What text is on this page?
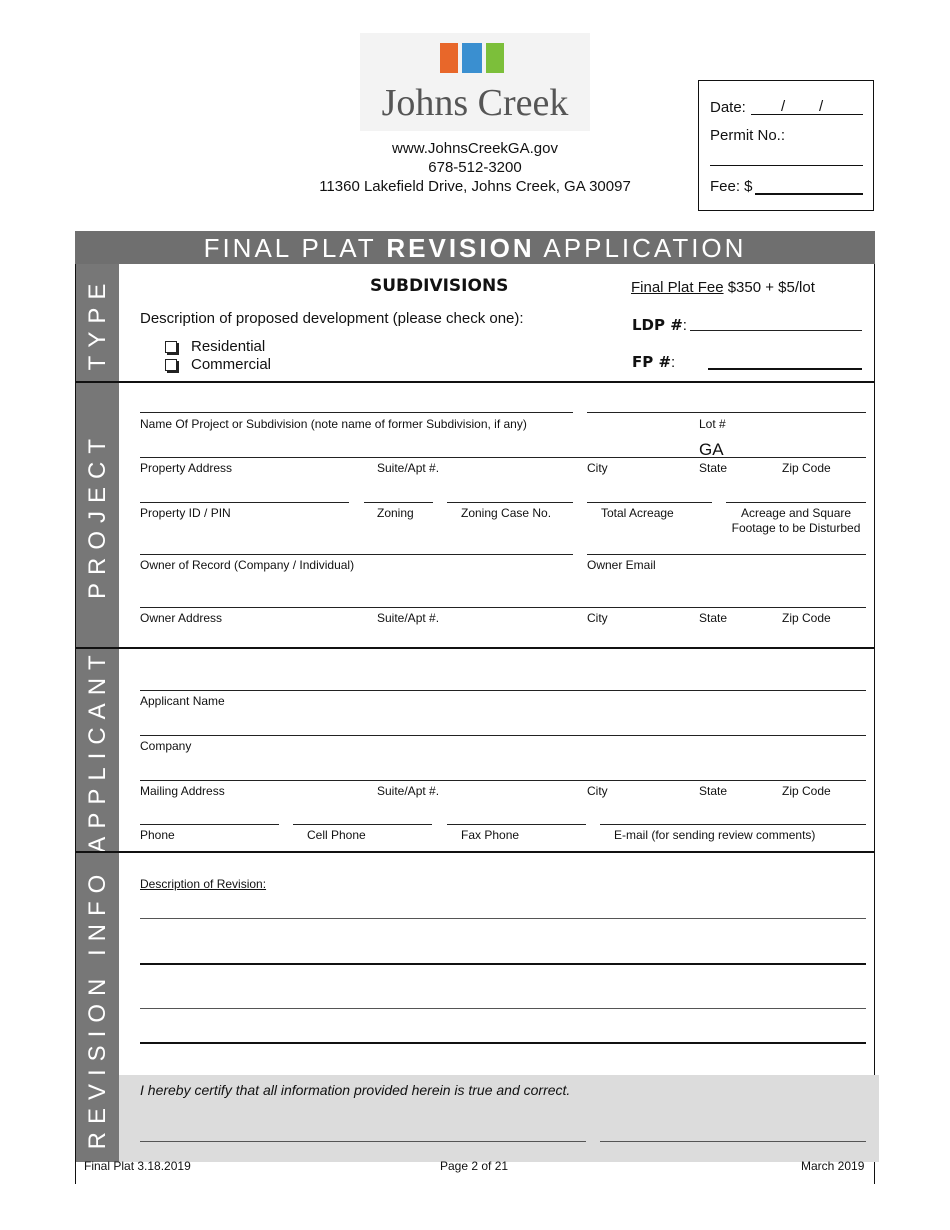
Johns Creek
www.JohnsCreekGA.gov
678-512-3200
11360 Lakefield Drive, Johns Creek, GA 30097
Date: / /
Permit No.:
Fee: $
FINAL PLAT REVISION APPLICATION
TYPE
PROJECT
APPLICANT
REVISION INFO
SUBDIVISIONS	Final Plat Fee $350 + $5/lot
Description of proposed development (please check one):
Residential
Commercial
LDP #:
FP #:
Name Of Project or Subdivision (note name of former Subdivision, if any)	Lot #
GA
Property Address	Suite/Apt #.	City	State	Zip Code
Property ID / PIN	Zoning	Zoning Case No.	Total Acreage	Acreage and Square
Footage to be Disturbed
Owner of Record (Company / Individual)	Owner Email
Owner Address	Suite/Apt #.	City	State	Zip Code
Applicant Name
Company
Mailing Address	Suite/Apt #.	City	State	Zip Code
Phone	Cell Phone	Fax Phone	E-mail (for sending review comments)
Description of Revision:
I hereby certify that all information provided herein is true and correct.
Final Plat 3.18.2019	Page 2 of 21	March 2019
